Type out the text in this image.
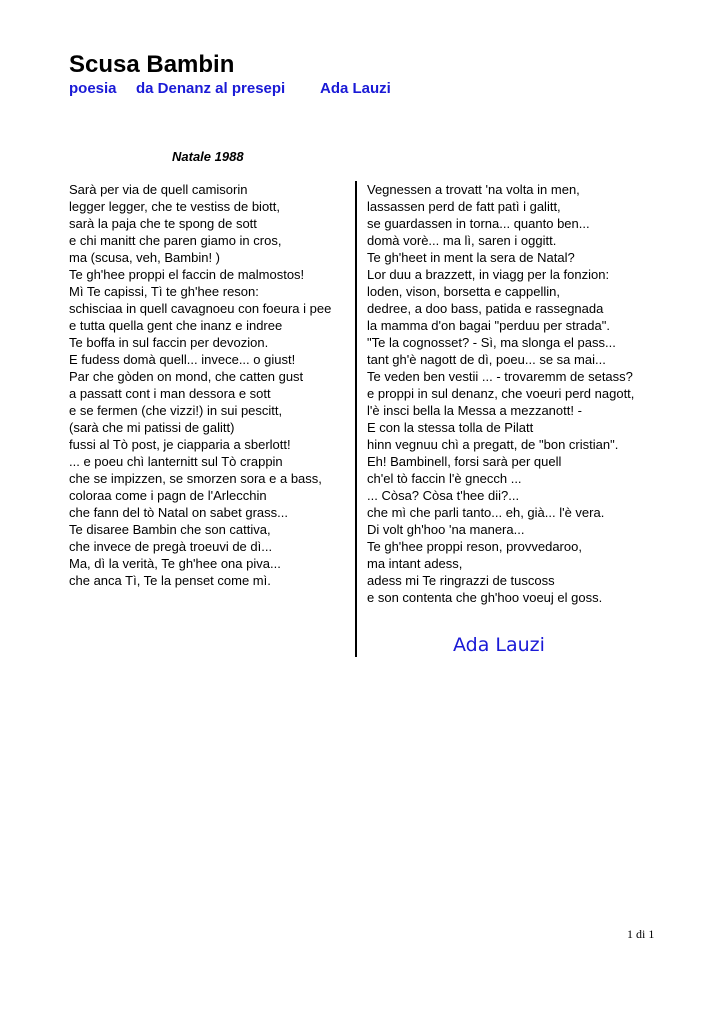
Scusa Bambin
poesia da Denanz al presepi Ada Lauzi
Natale 1988
Sarà per via de quell camisorin
legger legger, che te vestiss de biott,
sarà la paja che te spong de sott
e chi manitt che paren giamo in cros,
ma (scusa, veh, Bambin! )
Te gh'hee proppi el faccin de malmostos!
Mì Te capissi, Tì te gh'hee reson:
schisciaa in quell cavagnoeu con foeura i pee
e tutta quella gent che inanz e indree
Te boffa in sul faccin per devozion.
E fudess domà quell... invece... o giust!
Par che gòden on mond, che catten gust
a passatt cont i man dessora e sott
e se fermen (che vizzi!) in sui pescitt,
(sarà che mi patissi de galitt)
fussi al Tò post, je ciapparia a sberlott!
... e poeu chì lanternitt sul Tò crappin
che se impizzen, se smorzen sora e a bass,
coloraa come i pagn de l'Arlecchin
che fann del tò Natal on sabet grass...
Te disaree Bambin che son cattiva,
che invece de pregà troeuvi de dì...
Ma, dì la verità, Te gh'hee ona piva...
che anca Tì, Te la penset come mì.
Vegnessen a trovatt 'na volta in men,
lassassen perd de fatt patì i galitt,
se guardassen in torna... quanto ben...
domà vorè... ma lì, saren i oggitt.
Te gh'heet in ment la sera de Natal?
Lor duu a brazzett, in viagg per la fonzion:
loden, vison, borsetta e cappellin,
dedree, a doo bass, patida e rassegnada
la mamma d'on bagai "perduu per strada".
"Te la cognosset? - Sì, ma slonga el pass...
tant gh'è nagott de dì, poeu... se sa mai...
Te veden ben vestii ... - trovaremm de setass?
e proppi in sul denanz, che voeuri perd nagott,
l'è insci bella la Messa a mezzanott! -
E con la stessa tolla de Pilatt
hinn vegnuu chì a pregatt, de "bon cristian".
Eh! Bambinell, forsi sarà per quell
ch'el tò faccin l'è gnecch ...
... Còsa? Còsa t'hee dii?...
che mì che parli tanto... eh, già... l'è vera.
Di volt gh'hoo 'na manera...
Te gh'hee proppi reson, provvedaroo,
ma intant adess,
adess mi Te ringrazzi de tuscoss
e son contenta che gh'hoo voeuj el goss.
Ada Lauzi
1 di 1
